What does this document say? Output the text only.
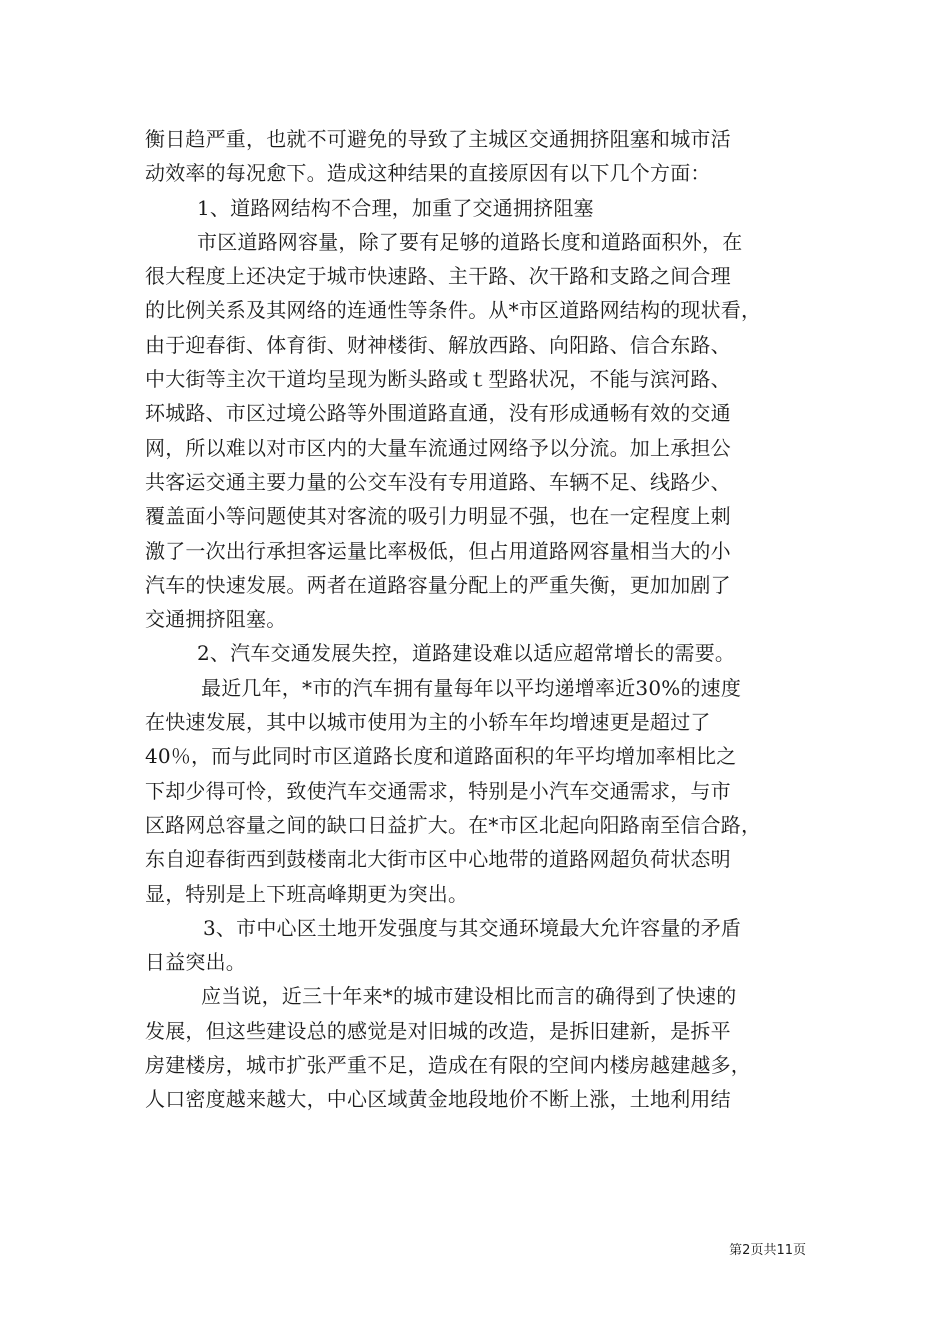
衡日趋严重，也就不可避免的导致了主城区交通拥挤阻塞和城市活
动效率的每况愈下。造成这种结果的直接原因有以下几个方面：
1、道路网结构不合理，加重了交通拥挤阻塞
市区道路网容量，除了要有足够的道路长度和道路面积外，在
很大程度上还决定于城市快速路、主干路、次干路和支路之间合理
的比例关系及其网络的连通性等条件。从*市区道路网结构的现状看，
由于迎春街、体育街、财神楼街、解放西路、向阳路、信合东路、
中大街等主次干道均呈现为断头路或ｔ型路状况，不能与滨河路、
环城路、市区过境公路等外围道路直通，没有形成通畅有效的交通
网，所以难以对市区内的大量车流通过网络予以分流。加上承担公
共客运交通主要力量的公交车没有专用道路、车辆不足、线路少、
覆盖面小等问题使其对客流的吸引力明显不强，也在一定程度上刺
激了一次出行承担客运量比率极低，但占用道路网容量相当大的小
汽车的快速发展。两者在道路容量分配上的严重失衡，更加加剧了
交通拥挤阻塞。
2、汽车交通发展失控，道路建设难以适应超常增长的需要。
最近几年，*市的汽车拥有量每年以平均递增率近30%的速度
在快速发展，其中以城市使用为主的小轿车年均增速更是超过了
40％，而与此同时市区道路长度和道路面积的年平均增加率相比之
下却少得可怜，致使汽车交通需求，特别是小汽车交通需求，与市
区路网总容量之间的缺口日益扩大。在*市区北起向阳路南至信合路，
东自迎春街西到鼓楼南北大街市区中心地带的道路网超负荷状态明
显，特别是上下班高峰期更为突出。
3、市中心区土地开发强度与其交通环境最大允许容量的矛盾
日益突出。
应当说，近三十年来*的城市建设相比而言的确得到了快速的
发展，但这些建设总的感觉是对旧城的改造，是拆旧建新，是拆平
房建楼房，城市扩张严重不足，造成在有限的空间内楼房越建越多，
人口密度越来越大，中心区域黄金地段地价不断上涨，土地利用结
第2页共11页
